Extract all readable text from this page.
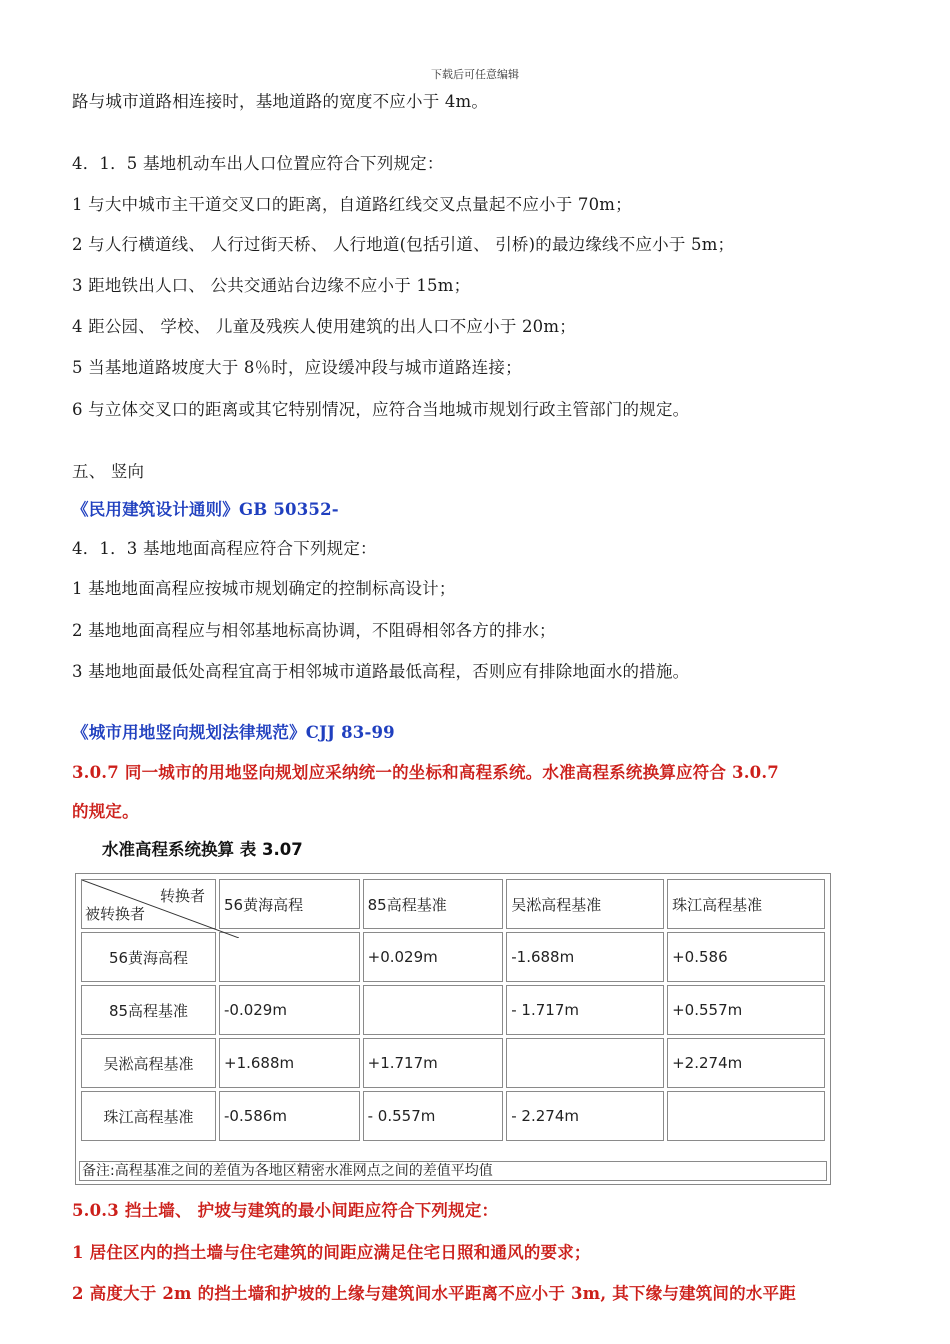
下载后可任意编辑
路与城市道路相连接时，基地道路的宽度不应小于 4m。
4．1．5 基地机动车出人口位置应符合下列规定：
1 与大中城市主干道交叉口的距离，自道路红线交叉点量起不应小于 70m；
2 与人行横道线、 人行过街天桥、 人行地道(包括引道、 引桥)的最边缘线不应小于 5m；
3 距地铁出人口、 公共交通站台边缘不应小于 15m；
4 距公园、 学校、 儿童及残疾人使用建筑的出人口不应小于 20m；
5 当基地道路坡度大于 8％时，应设缓冲段与城市道路连接；
6 与立体交叉口的距离或其它特别情况，应符合当地城市规划行政主管部门的规定。
五、 竖向
《民用建筑设计通则》GB 50352-
4．1．3 基地地面高程应符合下列规定：
1 基地地面高程应按城市规划确定的控制标高设计；
2 基地地面高程应与相邻基地标高协调，不阻碍相邻各方的排水；
3 基地地面最低处高程宜高于相邻城市道路最低高程，否则应有排除地面水的措施。
《城市用地竖向规划法律规范》CJJ 83-99
3.0.7 同一城市的用地竖向规划应采纳统一的坐标和高程系统。水准高程系统换算应符合 3.0.7
的规定。
水准高程系统换算 表 3.07
转换者
被转换者	56黄海高程	85高程基准	吴淞高程基准	珠江高程基准
56黄海高程		+0.029m	-1.688m	+0.586
85高程基准	-0.029m		- 1.717m	+0.557m
吴淞高程基准	+1.688m	+1.717m		+2.274m
珠江高程基准	-0.586m	- 0.557m	- 2.274m	
备注:高程基准之间的差值为各地区精密水准网点之间的差值平均值
5.0.3 挡土墙、 护坡与建筑的最小间距应符合下列规定：
1 居住区内的挡土墙与住宅建筑的间距应满足住宅日照和通风的要求；
2 高度大于 2m 的挡土墙和护坡的上缘与建筑间水平距离不应小于 3m, 其下缘与建筑间的水平距
